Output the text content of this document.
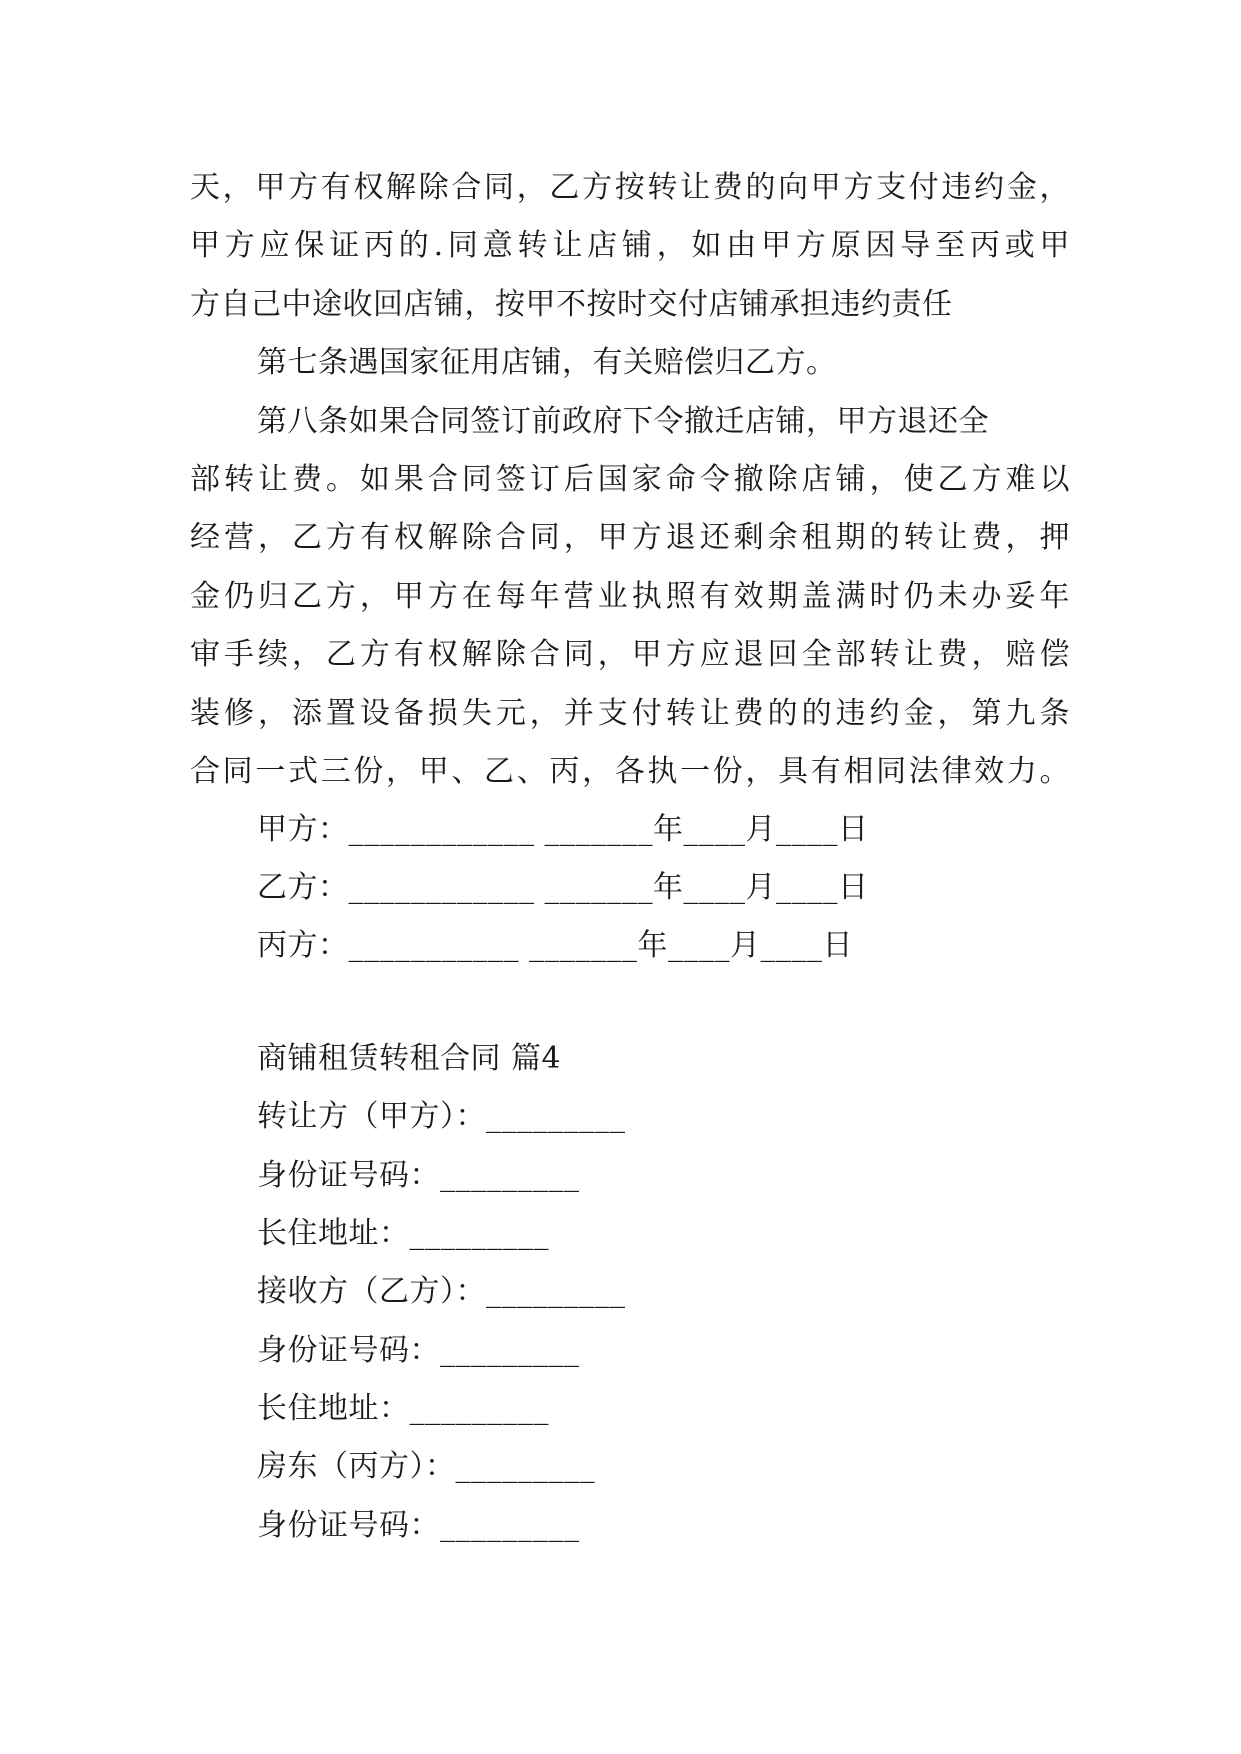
天，甲方有权解除合同，乙方按转让费的向甲方支付违约金，
甲方应保证丙的.同意转让店铺，如由甲方原因导至丙或甲
方自己中途收回店铺，按甲不按时交付店铺承担违约责任
第七条遇国家征用店铺，有关赔偿归乙方。
第八条如果合同签订前政府下令撤迁店铺，甲方退还全
部转让费。如果合同签订后国家命令撤除店铺，使乙方难以
经营，乙方有权解除合同，甲方退还剩余租期的转让费，押
金仍归乙方，甲方在每年营业执照有效期盖满时仍未办妥年
审手续，乙方有权解除合同，甲方应退回全部转让费，赔偿
装修，添置设备损失元，并支付转让费的的违约金，第九条
合同一式三份，甲、乙、丙，各执一份，具有相同法律效力。
甲方：____________ _______年____月____日
乙方：____________ _______年____月____日
丙方：___________ _______年____月____日
商铺租赁转租合同 篇4
转让方（甲方）：_________
身份证号码：_________
长住地址：_________
接收方（乙方）：_________
身份证号码：_________
长住地址：_________
房东（丙方）：_________
身份证号码：_________
